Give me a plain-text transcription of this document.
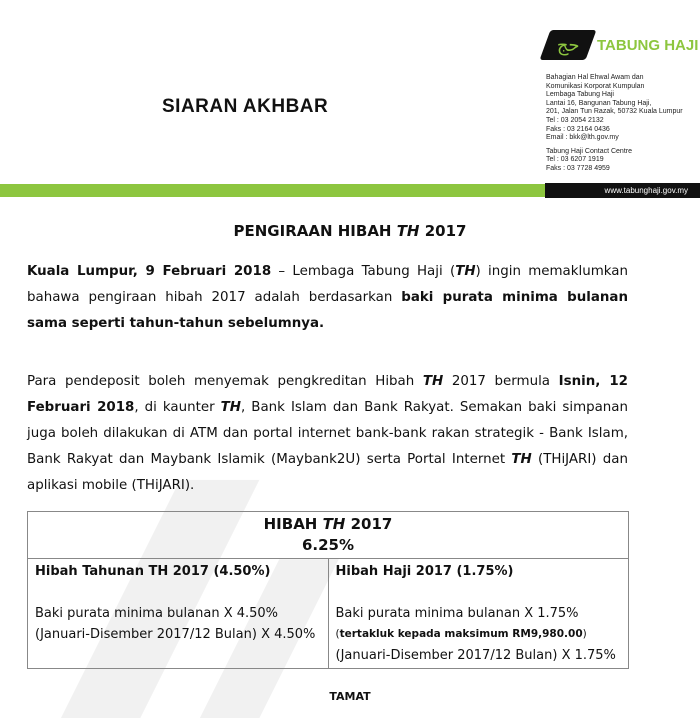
SIARAN AKHBAR
ﺣﺞ TABUNG HAJI
Bahagian Hal Ehwal Awam dan
Komunikasi Korporat Kumpulan
Lembaga Tabung Haji
Lantai 16, Bangunan Tabung Haji,
201, Jalan Tun Razak, 50732 Kuala Lumpur
Tel : 03 2054 2132
Faks : 03 2164 0436
Email : bkk@lth.gov.my
Tabung Haji Contact Centre
Tel : 03 6207 1919
Faks : 03 7728 4959
www.tabunghaji.gov.my
PENGIRAAN HIBAH TH 2017
Kuala Lumpur, 9 Februari 2018 – Lembaga Tabung Haji (TH) ingin memaklumkan bahawa pengiraan hibah 2017 adalah berdasarkan baki purata minima bulanan sama seperti tahun-tahun sebelumnya.
Para pendeposit boleh menyemak pengkreditan Hibah TH 2017 bermula Isnin, 12 Februari 2018, di kaunter TH, Bank Islam dan Bank Rakyat. Semakan baki simpanan juga boleh dilakukan di ATM dan portal internet bank-bank rakan strategik - Bank Islam, Bank Rakyat dan Maybank Islamik (Maybank2U) serta Portal Internet TH (THiJARI) dan aplikasi mobile (THiJARI).
HIBAH TH 2017
6.25%

Hibah Tahunan TH 2017 (4.50%)
Baki purata minima bulanan X 4.50%
(Januari-Disember 2017/12 Bulan) X 4.50%

Hibah Haji 2017 (1.75%)
Baki purata minima bulanan X 1.75%
(tertakluk kepada maksimum RM9,980.00)
(Januari-Disember 2017/12 Bulan) X 1.75%
TAMAT
